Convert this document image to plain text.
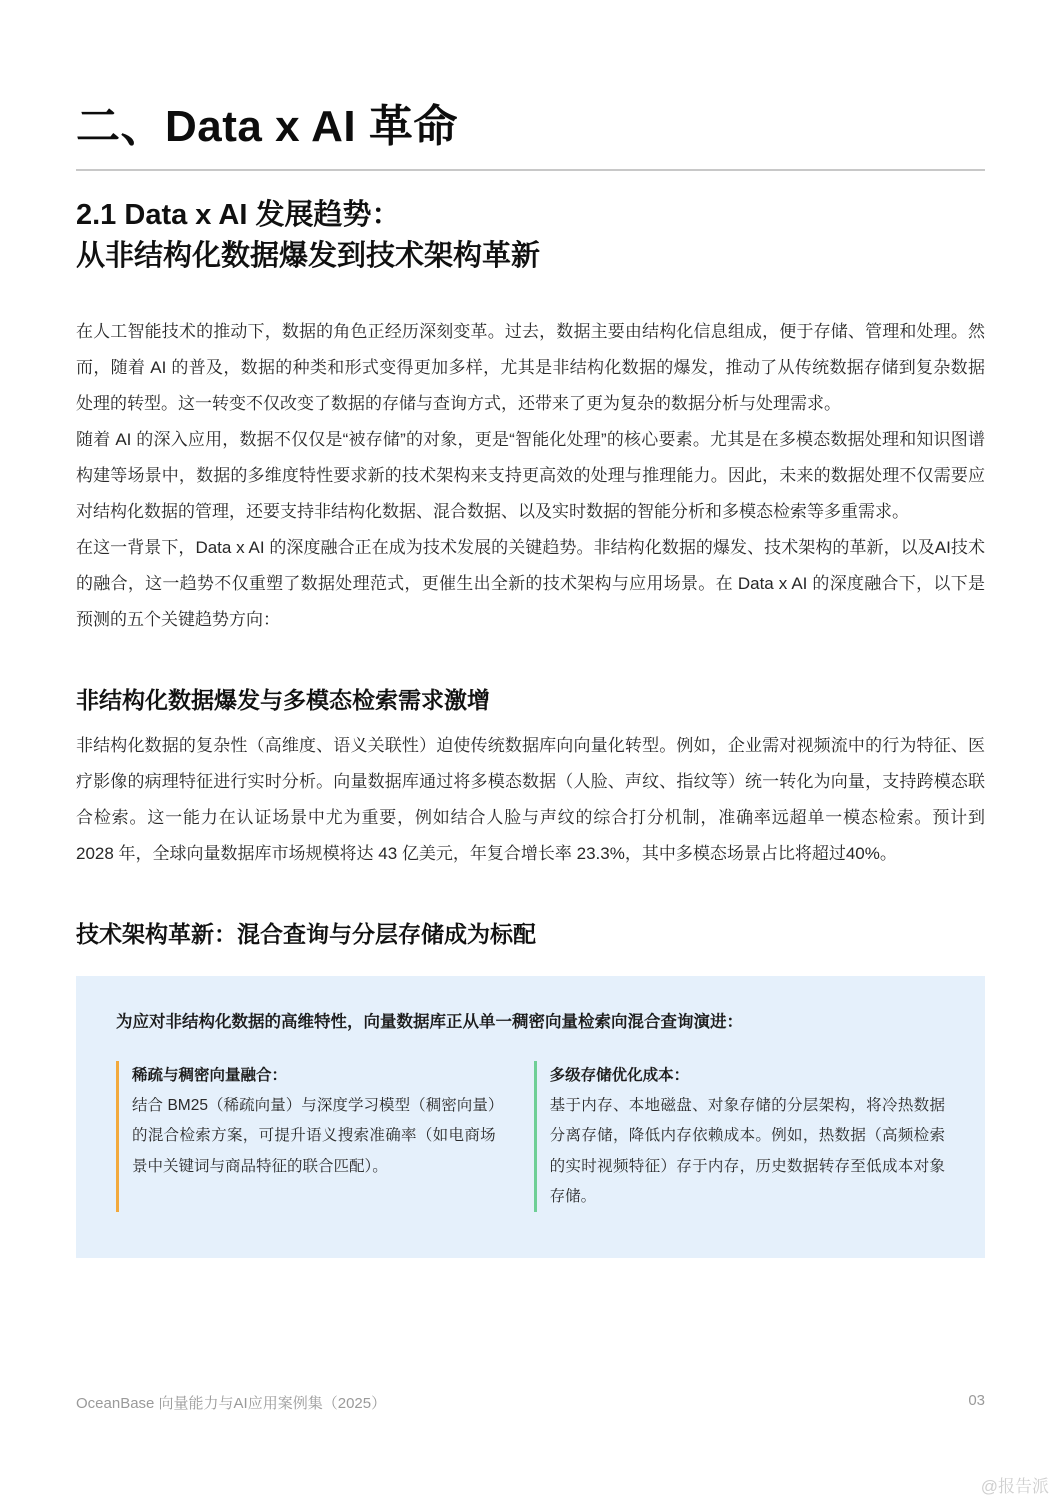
二、Data x AI 革命
2.1 Data x AI 发展趋势：
从非结构化数据爆发到技术架构革新

在人工智能技术的推动下，数据的角色正经历深刻变革。过去，数据主要由结构化信息组成，便于存储、管理和处理。然而，随着 AI 的普及，数据的种类和形式变得更加多样，尤其是非结构化数据的爆发，推动了从传统数据存储到复杂数据处理的转型。这一转变不仅改变了数据的存储与查询方式，还带来了更为复杂的数据分析与处理需求。

随着 AI 的深入应用，数据不仅仅是“被存储”的对象，更是“智能化处理”的核心要素。尤其是在多模态数据处理和知识图谱构建等场景中，数据的多维度特性要求新的技术架构来支持更高效的处理与推理能力。因此，未来的数据处理不仅需要应对结构化数据的管理，还要支持非结构化数据、混合数据、以及实时数据的智能分析和多模态检索等多重需求。

在这一背景下，Data x AI 的深度融合正在成为技术发展的关键趋势。非结构化数据的爆发、技术架构的革新，以及AI技术的融合，这一趋势不仅重塑了数据处理范式，更催生出全新的技术架构与应用场景。在 Data x AI 的深度融合下，以下是预测的五个关键趋势方向：

非结构化数据爆发与多模态检索需求激增

非结构化数据的复杂性（高维度、语义关联性）迫使传统数据库向向量化转型。例如，企业需对视频流中的行为特征、医疗影像的病理特征进行实时分析。向量数据库通过将多模态数据（人脸、声纹、指纹等）统一转化为向量，支持跨模态联合检索。这一能力在认证场景中尤为重要，例如结合人脸与声纹的综合打分机制，准确率远超单一模态检索。预计到 2028 年，全球向量数据库市场规模将达 43 亿美元，年复合增长率 23.3%，其中多模态场景占比将超过40%。

技术架构革新：混合查询与分层存储成为标配
为应对非结构化数据的高维特性，向量数据库正从单一稠密向量检索向混合查询演进：
稀疏与稠密向量融合：

结合 BM25（稀疏向量）与深度学习模型（稠密向量）的混合检索方案，可提升语义搜索准确率（如电商场景中关键词与商品特征的联合匹配）。

多级存储优化成本：

基于内存、本地磁盘、对象存储的分层架构，将冷热数据分离存储，降低内存依赖成本。例如，热数据（高频检索的实时视频特征）存于内存，历史数据转存至低成本对象存储。

OceanBase 向量能力与AI应用案例集（2025）	03
@报告派
